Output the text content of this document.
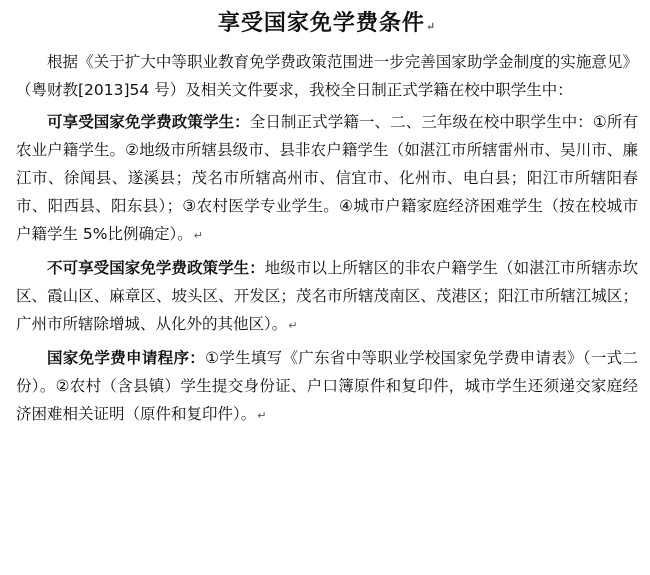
享受国家免学费条件↵

根据《关于扩大中等职业教育免学费政策范围进一步完善国家助学金制度的实施意见》（粤财教[2013]54 号）及相关文件要求，我校全日制正式学籍在校中职学生中：

可享受国家免学费政策学生：全日制正式学籍一、二、三年级在校中职学生中：①所有农业户籍学生。②地级市所辖县级市、县非农户籍学生（如湛江市所辖雷州市、吴川市、廉江市、徐闻县、遂溪县；茂名市所辖高州市、信宜市、化州市、电白县；阳江市所辖阳春市、阳西县、阳东县）；③农村医学专业学生。④城市户籍家庭经济困难学生（按在校城市户籍学生 5%比例确定）。↵

不可享受国家免学费政策学生：地级市以上所辖区的非农户籍学生（如湛江市所辖赤坎区、霞山区、麻章区、坡头区、开发区；茂名市所辖茂南区、茂港区；阳江市所辖江城区；广州市所辖除增城、从化外的其他区）。↵

国家免学费申请程序：①学生填写《广东省中等职业学校国家免学费申请表》（一式二份）。②农村（含县镇）学生提交身份证、户口簿原件和复印件，城市学生还须递交家庭经济困难相关证明（原件和复印件）。↵
